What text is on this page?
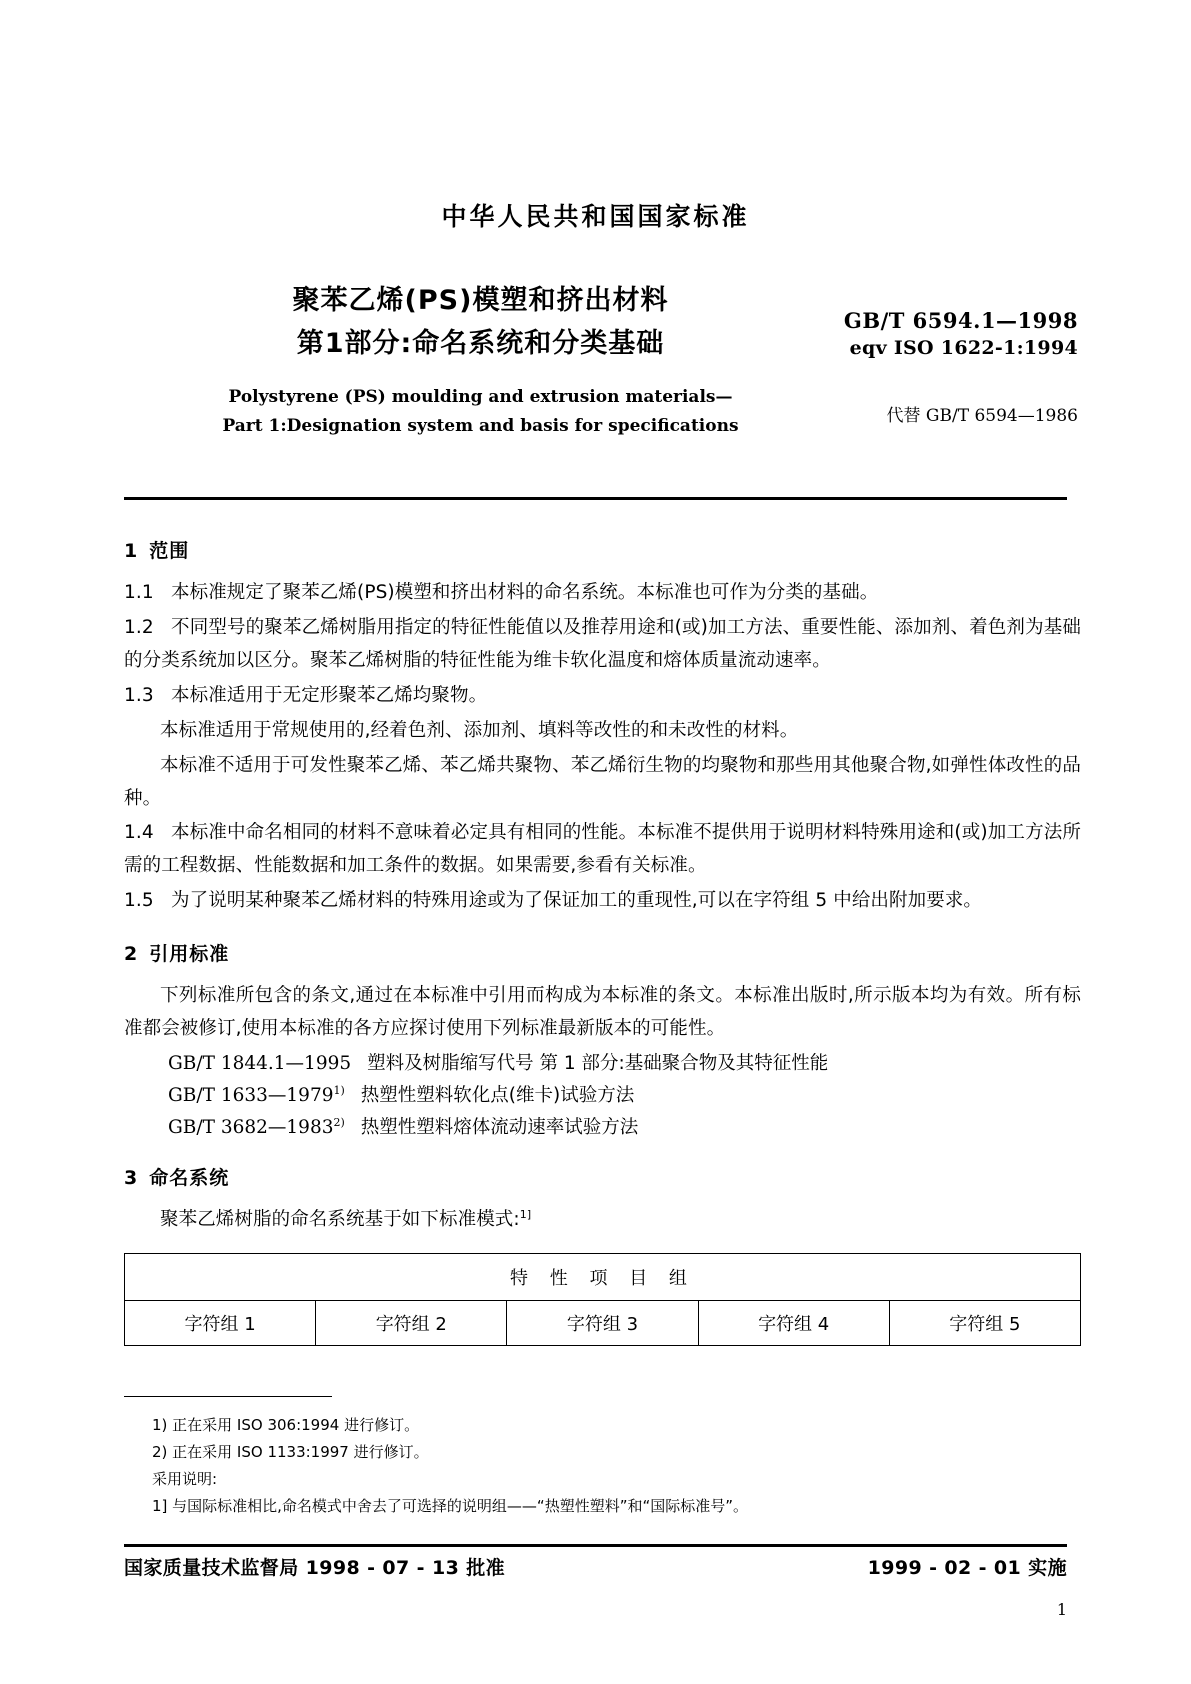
中华人民共和国国家标准
聚苯乙烯(PS)模塑和挤出材料
第1部分:命名系统和分类基础
Polystyrene (PS) moulding and extrusion materials—
Part 1:Designation system and basis for specifications
GB/T 6594.1—1998
eqv ISO 1622-1:1994
代替 GB/T 6594—1986
1 范围

1.1 本标准规定了聚苯乙烯(PS)模塑和挤出材料的命名系统。本标准也可作为分类的基础。

1.2 不同型号的聚苯乙烯树脂用指定的特征性能值以及推荐用途和(或)加工方法、重要性能、添加剂、着色剂为基础的分类系统加以区分。聚苯乙烯树脂的特征性能为维卡软化温度和熔体质量流动速率。

1.3 本标准适用于无定形聚苯乙烯均聚物。

本标准适用于常规使用的,经着色剂、添加剂、填料等改性的和未改性的材料。

本标准不适用于可发性聚苯乙烯、苯乙烯共聚物、苯乙烯衍生物的均聚物和那些用其他聚合物,如弹性体改性的品种。

1.4 本标准中命名相同的材料不意味着必定具有相同的性能。本标准不提供用于说明材料特殊用途和(或)加工方法所需的工程数据、性能数据和加工条件的数据。如果需要,参看有关标准。

1.5 为了说明某种聚苯乙烯材料的特殊用途或为了保证加工的重现性,可以在字符组 5 中给出附加要求。

2 引用标准

下列标准所包含的条文,通过在本标准中引用而构成为本标准的条文。本标准出版时,所示版本均为有效。所有标准都会被修订,使用本标准的各方应探讨使用下列标准最新版本的可能性。

GB/T 1844.1—1995 塑料及树脂缩写代号 第 1 部分:基础聚合物及其特征性能

GB/T 1633—1979$^{1)}$ 热塑性塑料软化点(维卡)试验方法

GB/T 3682—1983$^{2)}$ 热塑性塑料熔体流动速率试验方法

3 命名系统

聚苯乙烯树脂的命名系统基于如下标准模式:$^{1]}$

特 性 项 目 组
字符组 1	字符组 2	字符组 3	字符组 4	字符组 5

1) 正在采用 ISO 306:1994 进行修订。

2) 正在采用 ISO 1133:1997 进行修订。

采用说明:

1] 与国际标准相比,命名模式中舍去了可选择的说明组——“热塑性塑料”和“国际标准号”。

国家质量技术监督局 1998 - 07 - 13 批准	1999 - 02 - 01 实施
1
